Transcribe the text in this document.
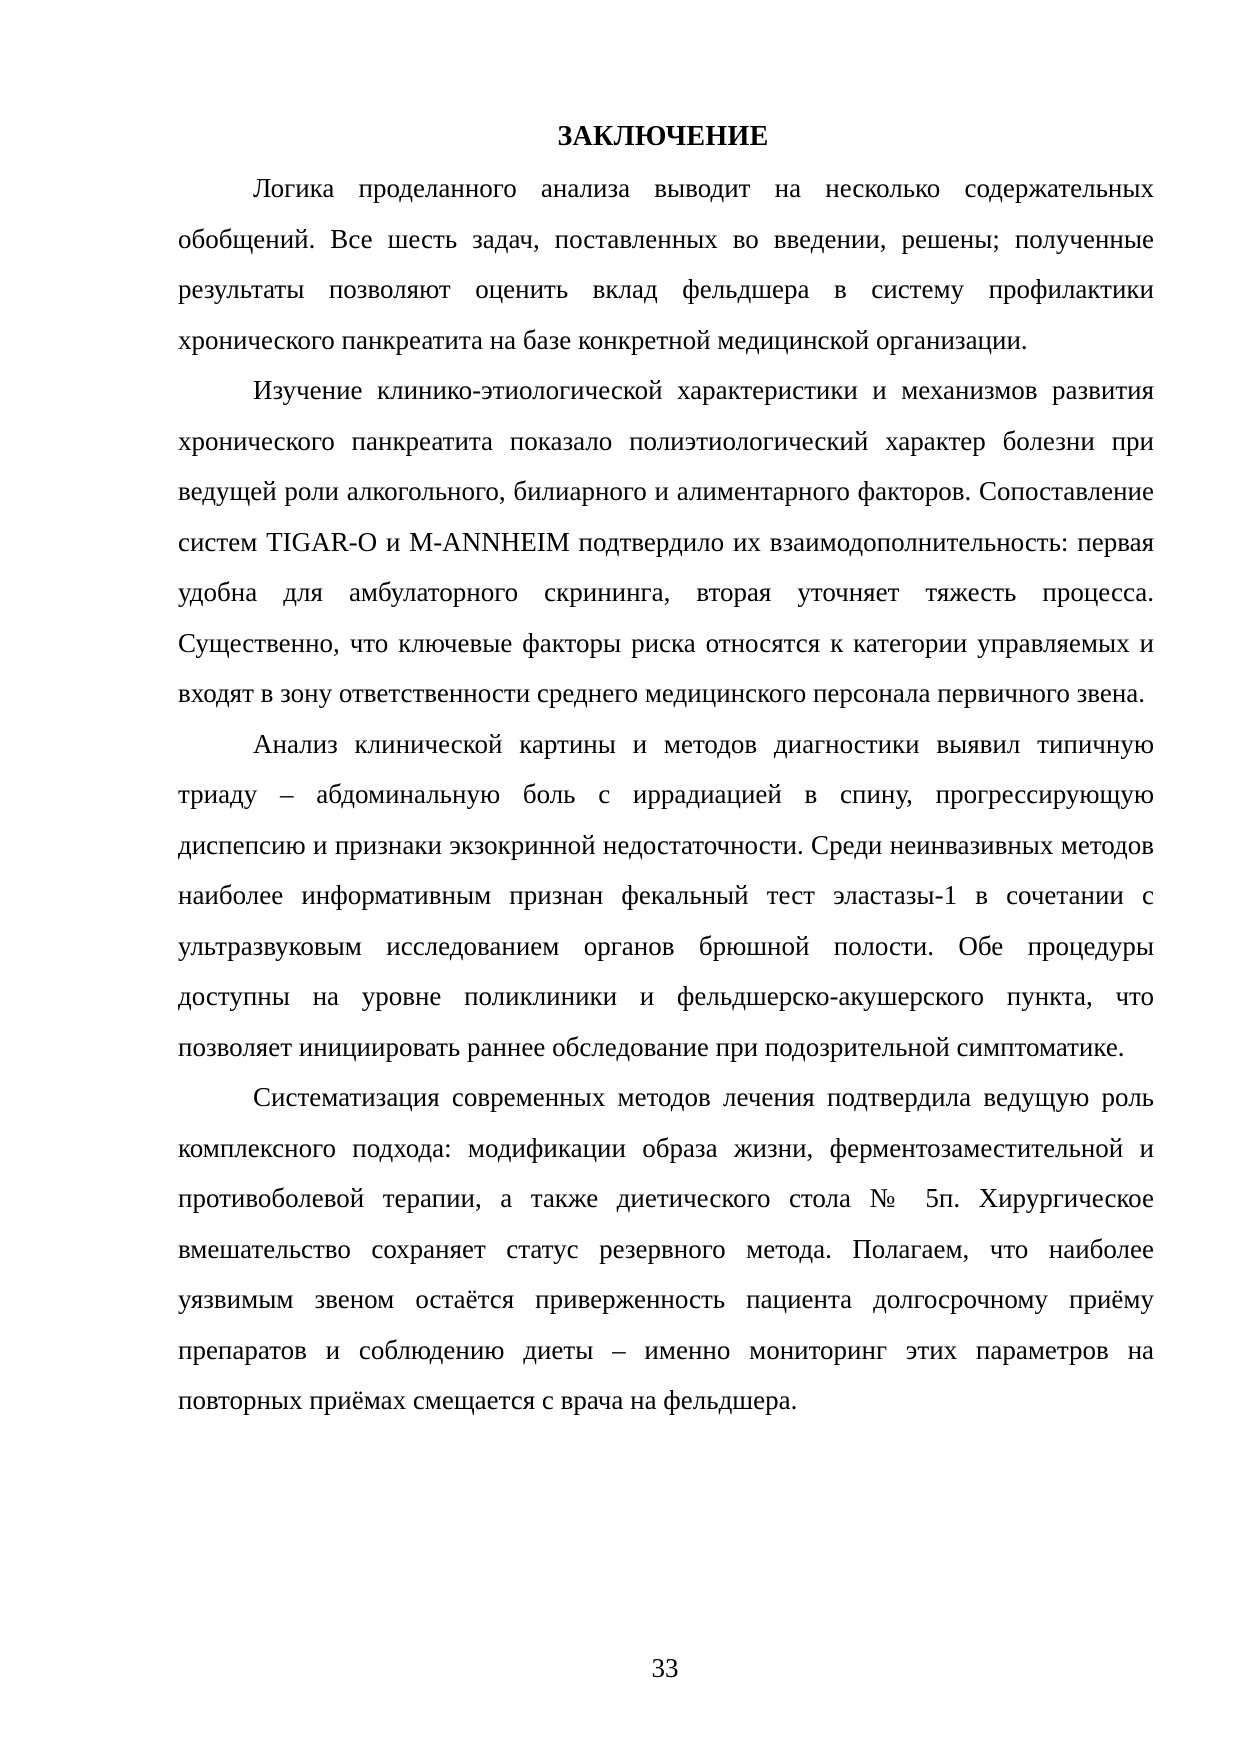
ЗАКЛЮЧЕНИЕ

Логика проделанного анализа выводит на несколько содержательных обобщений. Все шесть задач, поставленных во введении, решены; полученные результаты позволяют оценить вклад фельдшера в систему профилактики хронического панкреатита на базе конкретной медицинской организации.

Изучение клинико-этиологической характеристики и механизмов развития хронического панкреатита показало полиэтиологический характер болезни при ведущей роли алкогольного, билиарного и алиментарного факторов. Сопоставление систем TIGAR-O и M-ANNHEIM подтвердило их взаимодополнительность: первая удобна для амбулаторного скрининга, вторая уточняет тяжесть процесса. Существенно, что ключевые факторы риска относятся к категории управляемых и входят в зону ответственности среднего медицинского персонала первичного звена.

Анализ клинической картины и методов диагностики выявил типичную триаду – абдоминальную боль с иррадиацией в спину, прогрессирующую диспепсию и признаки экзокринной недостаточности. Среди неинвазивных методов наиболее информативным признан фекальный тест эластазы-1 в сочетании с ультразвуковым исследованием органов брюшной полости. Обе процедуры доступны на уровне поликлиники и фельдшерско-акушерского пункта, что позволяет инициировать раннее обследование при подозрительной симптоматике.

Систематизация современных методов лечения подтвердила ведущую роль комплексного подхода: модификации образа жизни, ферментозаместительной и противоболевой терапии, а также диетического стола № 5п. Хирургическое вмешательство сохраняет статус резервного метода. Полагаем, что наиболее уязвимым звеном остаётся приверженность пациента долгосрочному приёму препаратов и соблюдению диеты – именно мониторинг этих параметров на повторных приёмах смещается с врача на фельдшера.

33
